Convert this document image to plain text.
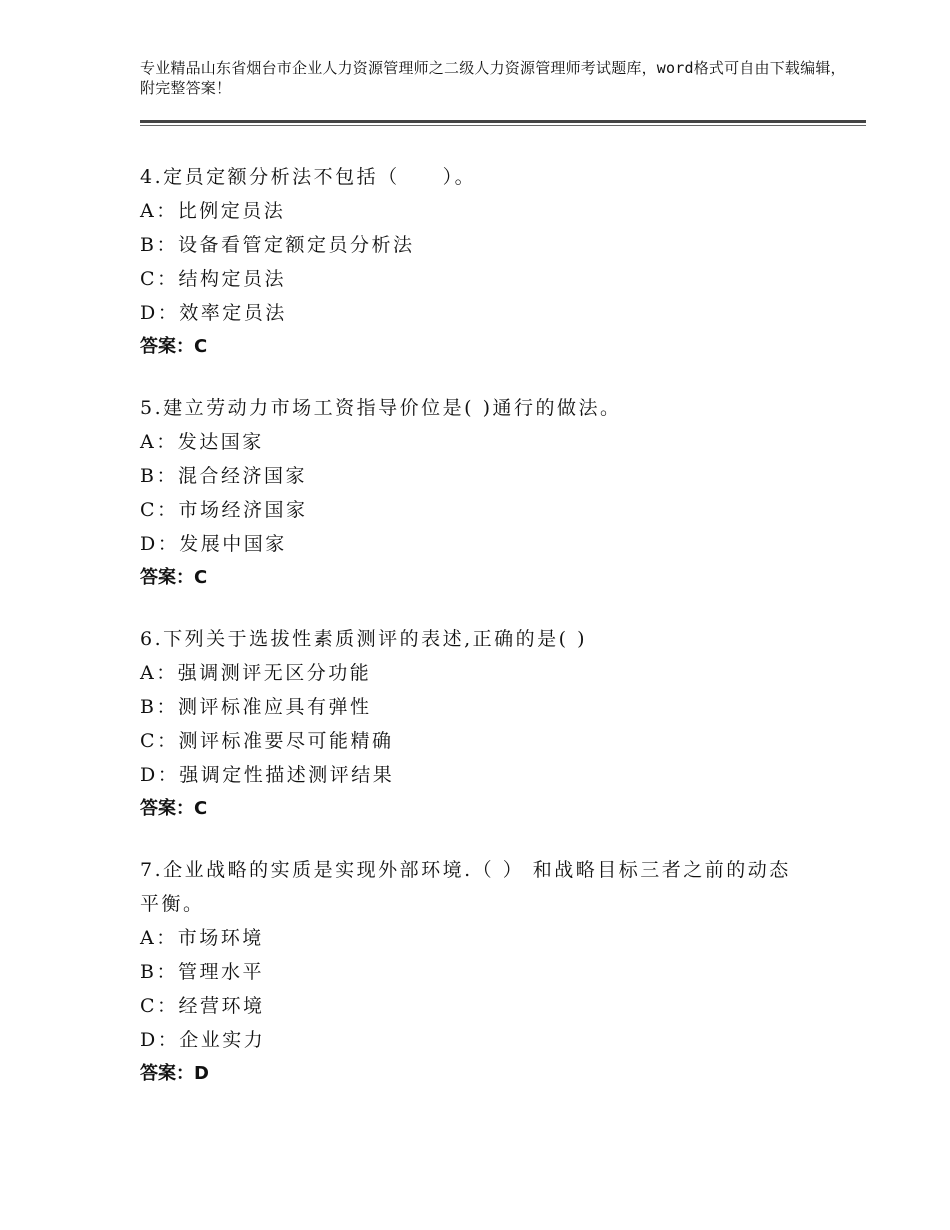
专业精品山东省烟台市企业人力资源管理师之二级人力资源管理师考试题库，word格式可自由下载编辑，附完整答案！

4.定员定额分析法不包括（　　）。

A：比例定员法

B：设备看管定额定员分析法

C：结构定员法

D：效率定员法

答案：C

5.建立劳动力市场工资指导价位是( )通行的做法。

A：发达国家

B：混合经济国家

C：市场经济国家

D：发展中国家

答案：C

6.下列关于选拔性素质测评的表述,正确的是( )

A：强调测评无区分功能

B：测评标准应具有弹性

C：测评标准要尽可能精确

D：强调定性描述测评结果

答案：C

7.企业战略的实质是实现外部环境.（ ） 和战略目标三者之前的动态平衡。

A：市场环境

B：管理水平

C：经营环境

D：企业实力

答案：D
